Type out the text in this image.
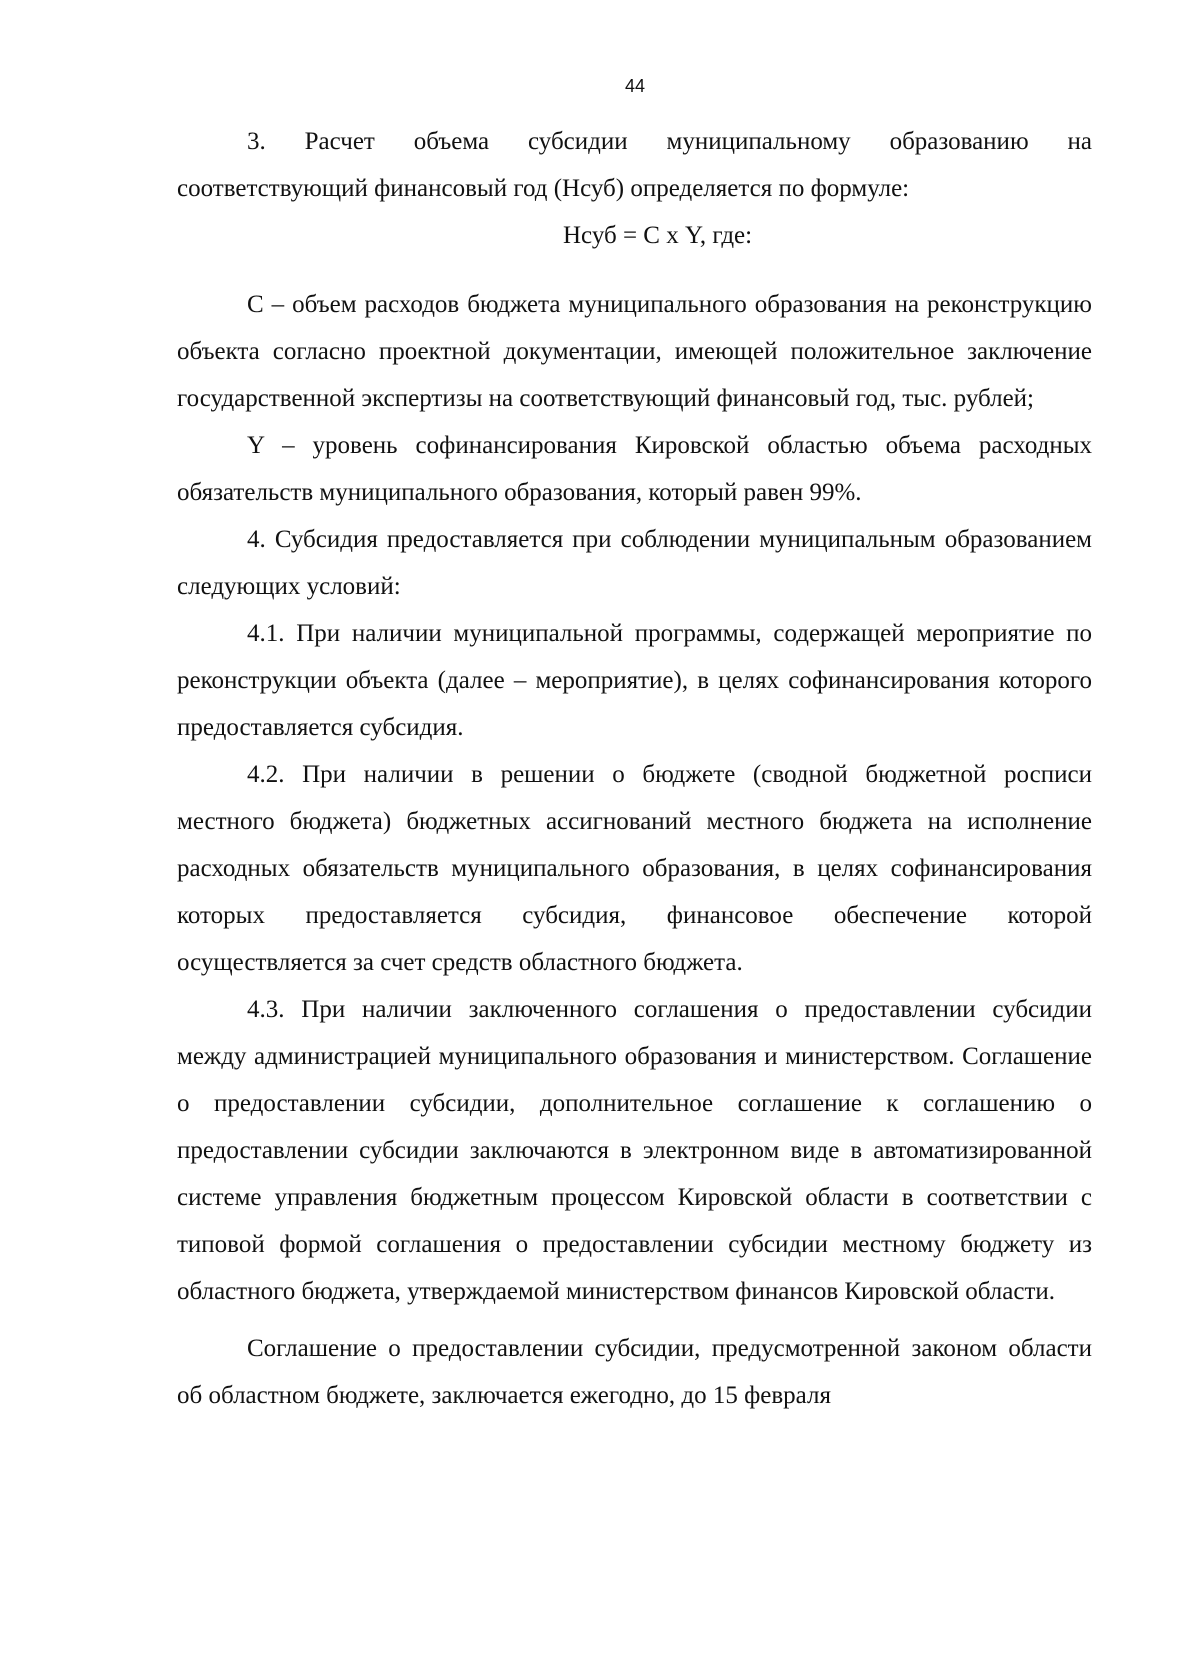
44

3. Расчет объема субсидии муниципальному образованию на соответствующий финансовый год (Нсуб) определяется по формуле:

Нсуб = С х Y, где:

С – объем расходов бюджета муниципального образования на реконструкцию объекта согласно проектной документации, имеющей положительное заключение государственной экспертизы на соответствующий финансовый год, тыс. рублей;

Y – уровень софинансирования Кировской областью объема расходных обязательств муниципального образования, который равен 99%.

4. Субсидия предоставляется при соблюдении муниципальным образованием следующих условий:

4.1. При наличии муниципальной программы, содержащей мероприятие по реконструкции объекта (далее – мероприятие), в целях софинансирования которого предоставляется субсидия.

4.2. При наличии в решении о бюджете (сводной бюджетной росписи местного бюджета) бюджетных ассигнований местного бюджета на исполнение расходных обязательств муниципального образования, в целях софинансирования которых предоставляется субсидия, финансовое обеспечение которой осуществляется за счет средств областного бюджета.

4.3. При наличии заключенного соглашения о предоставлении субсидии между администрацией муниципального образования и министерством. Соглашение о предоставлении субсидии, дополнительное соглашение к соглашению о предоставлении субсидии заключаются в электронном виде в автоматизированной системе управления бюджетным процессом Кировской области в соответствии с типовой формой соглашения о предоставлении субсидии местному бюджету из областного бюджета, утверждаемой министерством финансов Кировской области.

Соглашение о предоставлении субсидии, предусмотренной законом области об областном бюджете, заключается ежегодно, до 15 февраля
